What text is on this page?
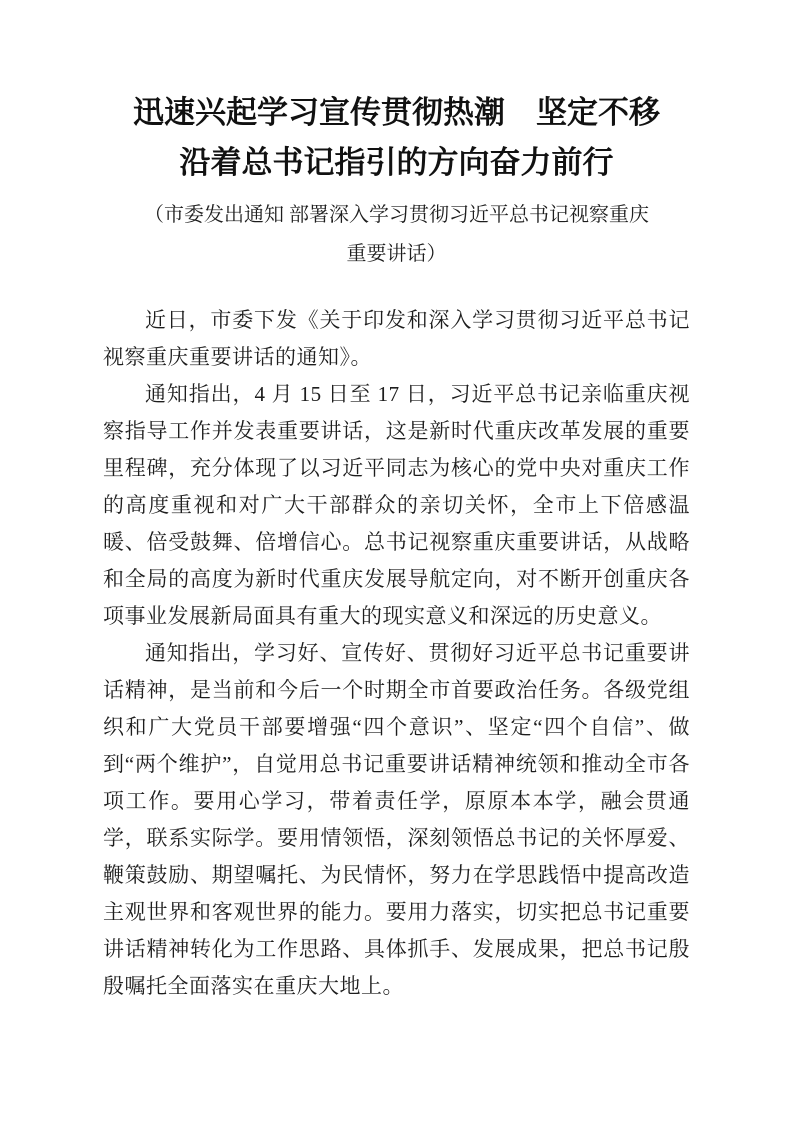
迅速兴起学习宣传贯彻热潮　坚定不移
沿着总书记指引的方向奋力前行
（市委发出通知 部署深入学习贯彻习近平总书记视察重庆
重要讲话）

近日，市委下发《关于印发和深入学习贯彻习近平总书记视察重庆重要讲话的通知》。

通知指出，4 月 15 日至 17 日，习近平总书记亲临重庆视察指导工作并发表重要讲话，这是新时代重庆改革发展的重要里程碑，充分体现了以习近平同志为核心的党中央对重庆工作的高度重视和对广大干部群众的亲切关怀，全市上下倍感温暖、倍受鼓舞、倍增信心。总书记视察重庆重要讲话，从战略和全局的高度为新时代重庆发展导航定向，对不断开创重庆各项事业发展新局面具有重大的现实意义和深远的历史意义。

通知指出，学习好、宣传好、贯彻好习近平总书记重要讲话精神，是当前和今后一个时期全市首要政治任务。各级党组织和广大党员干部要增强“四个意识”、坚定“四个自信”、做到“两个维护”，自觉用总书记重要讲话精神统领和推动全市各项工作。要用心学习，带着责任学，原原本本学，融会贯通学，联系实际学。要用情领悟，深刻领悟总书记的关怀厚爱、鞭策鼓励、期望嘱托、为民情怀，努力在学思践悟中提高改造主观世界和客观世界的能力。要用力落实，切实把总书记重要讲话精神转化为工作思路、具体抓手、发展成果，把总书记殷殷嘱托全面落实在重庆大地上。
